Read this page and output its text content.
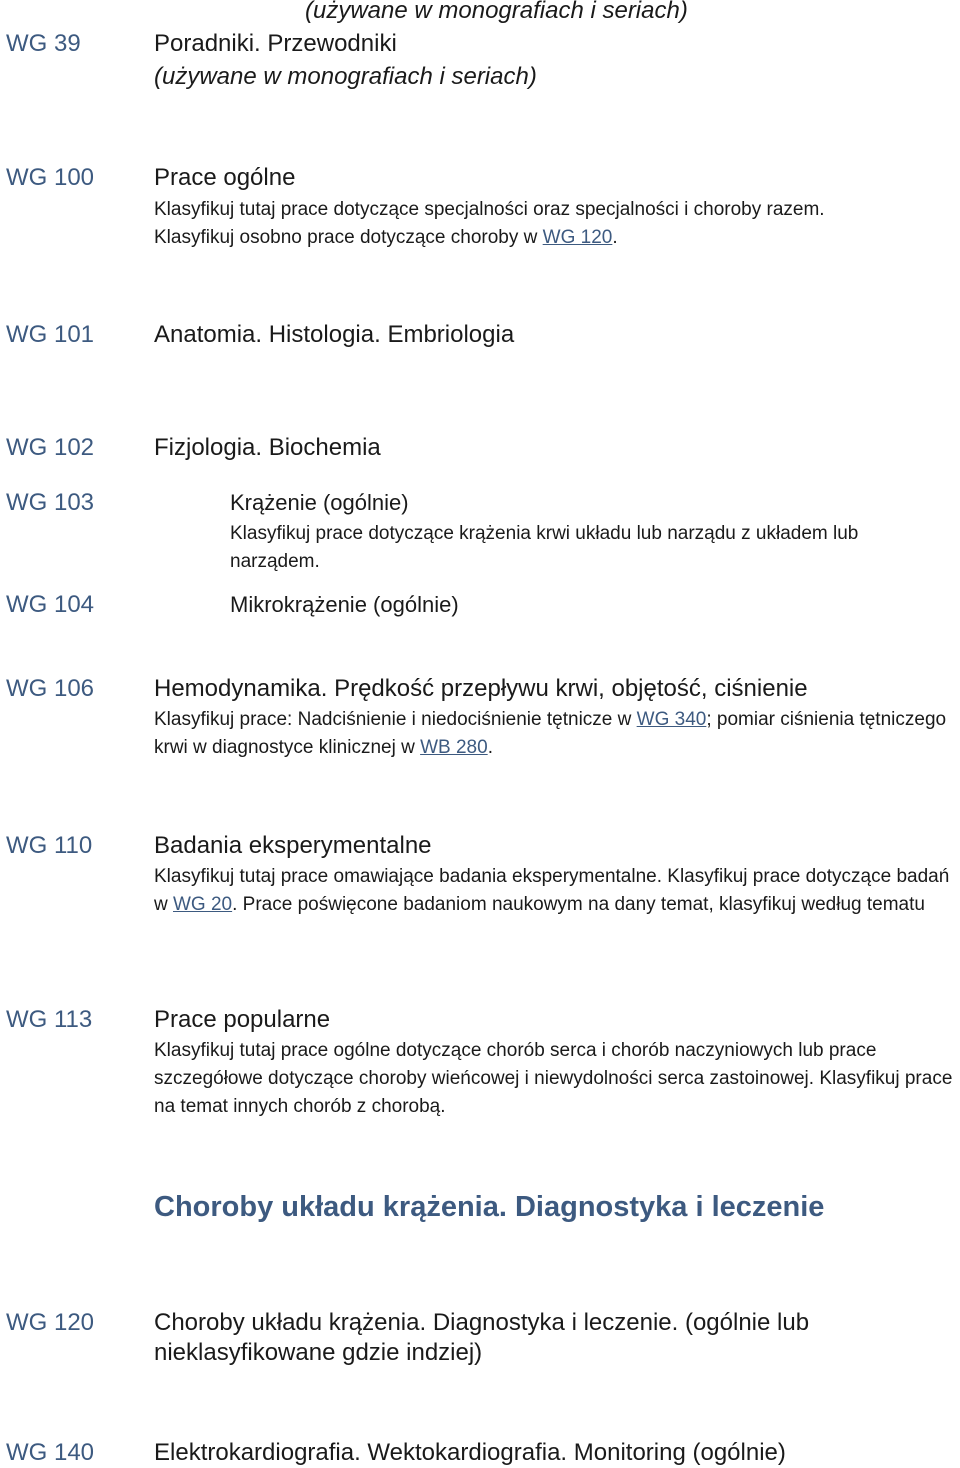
(używane w monografiach i seriach)
WG 39	Poradniki. Przewodniki
(używane w monografiach i seriach)
WG 100 Prace ogólne
Klasyfikuj tutaj prace dotyczące specjalności oraz specjalności i choroby razem.
Klasyfikuj osobno prace dotyczące choroby w WG 120.
WG 101 Anatomia. Histologia. Embriologia
WG 102 Fizjologia. Biochemia
WG 103	Krążenie (ogólnie)
Klasyfikuj prace dotyczące krążenia krwi układu lub narządu z układem lub narządem.
WG 104	Mikrokrążenie (ogólnie)
WG 106 Hemodynamika. Prędkość przepływu krwi, objętość, ciśnienie
Klasyfikuj prace: Nadciśnienie i niedociśnienie tętnicze w WG 340; pomiar ciśnienia tętniczego krwi w diagnostyce klinicznej w WB 280.
WG 110	Badania eksperymentalne
Klasyfikuj tutaj prace omawiające badania eksperymentalne. Klasyfikuj prace dotyczące badań w WG 20. Prace poświęcone badaniom naukowym na dany temat, klasyfikuj według tematu
WG 113	Prace popularne
Klasyfikuj tutaj prace ogólne dotyczące chorób serca i chorób naczyniowych lub prace szczegółowe dotyczące choroby wieńcowej i niewydolności serca zastoinowej. Klasyfikuj prace na temat innych chorób z chorobą.
Choroby układu krążenia. Diagnostyka i leczenie
WG 120 Choroby układu krążenia. Diagnostyka i leczenie. (ogólnie lub nieklasyfikowane gdzie indziej)
WG 140 Elektrokardiografia. Wektokardiografia. Monitoring (ogólnie)
